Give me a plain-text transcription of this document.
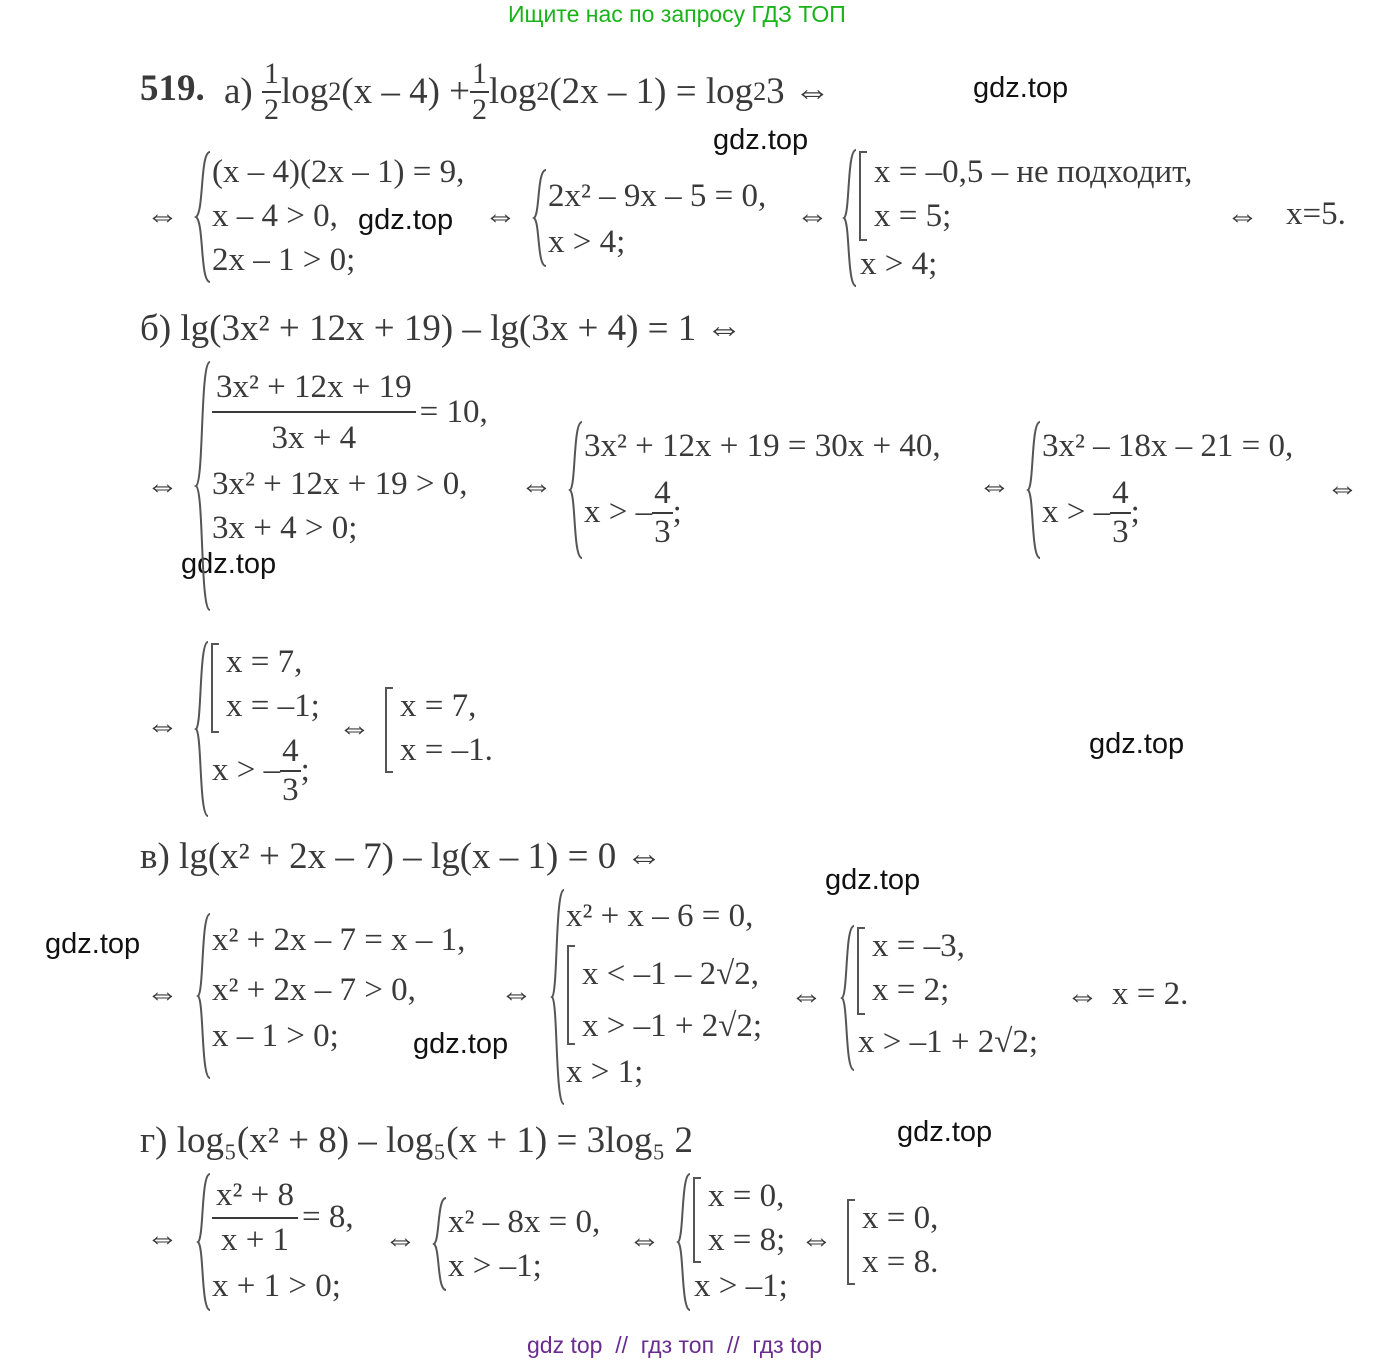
Ищите нас по запросу ГДЗ ТОП
gdz.top
gdz.top
gdz.top
gdz.top
gdz.top
gdz.top
gdz.top
gdz.top
gdz.top
519. а)
1
2 log 2 $(x - 4) + \frac{1}{2}$ log 2 (2x – 1) = log 2 3
⇔
⇔
(x – 4)(2x – 1) = 9,
x – 4 > 0,
2x – 1 > 0;
⇔
2x² – 9x – 5 = 0,
x > 4;
⇔
x = –0,5 – не подходит,
x = 5;
x > 4;
⇔ x=5.
б) lg(3x² + 12x + 19) – lg(3x + 4) = 1 ⇔
⇔
$\frac{\text{3x² + 12x + 19}}{3x + 4} = 10$,
3x² + 12x + 19 > 0,
3x + 4 > 0;
⇔
3x² + 12x + 19 = 30x + 40,
x > –
4
3
;
⇔
3x² – 18x – 21 = 0,
x > –
4
3
;
⇔
⇔
x = 7,
x = –1;
x > –
4
3
;
⇔
x = 7,
x = –1.
в) lg(x² + 2x – 7) – lg(x – 1) = 0 ⇔
⇔
x² + 2x – 7 = x – 1,
x² + 2x – 7 > 0,
x – 1 > 0;
⇔
x² + x – 6 = 0,
x < –1 – 2√2,
x > –1 + 2√2;
x > 1;
⇔
x = –3,
x = 2;
x > –1 + 2√2;
⇔ x = 2.
г) log₅(x² + 8) – log₅(x + 1) = 3log₅ 2
⇔ $\frac{\text{x² + 8}}{x + 1} = 8$,
x + 1 > 0;
⇔ x² – 8x = 0,
x > –1;
⇔
x = 0,
x = 8;
x > –1;
⇔
x = 0,
x = 8.
gdz top // гдз топ // гдз top
